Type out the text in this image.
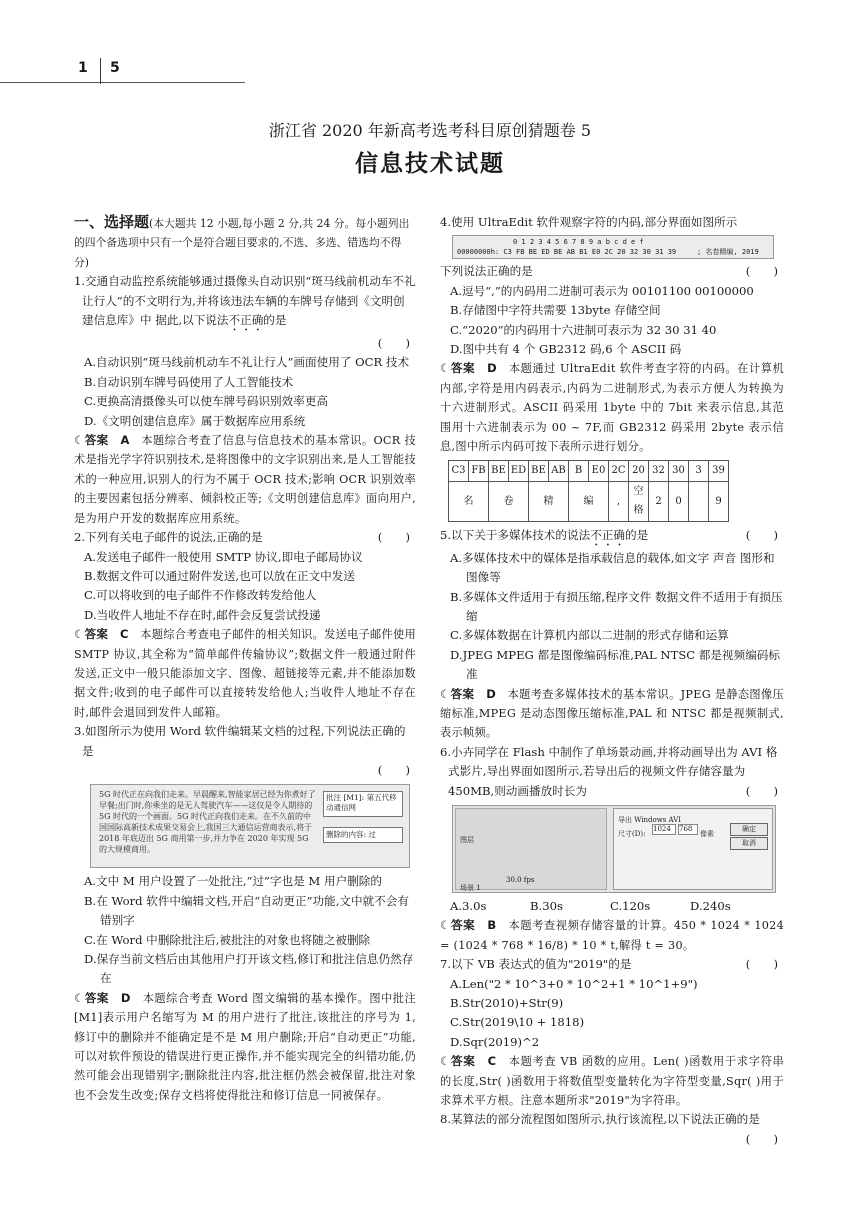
1 5
浙江省 2020 年新高考选考科目原创猜题卷 5
信息技术试题

一、选择题(本大题共 12 小题,每小题 2 分,共 24 分。每小题列出的四个备选项中只有一个是符合题目要求的,不选、多选、错选均不得分)

1.交通自动监控系统能够通过摄像头自动识别“斑马线前机动车不礼让行人”的不文明行为,并将该违法车辆的车牌号存储到《文明创建信息库》中 据此,以下说法不正确的是

(　　)

A.自动识别“斑马线前机动车不礼让行人”画面使用了 OCR 技术

B.自动识别车牌号码使用了人工智能技术

C.更换高清摄像头可以使车牌号码识别效率更高

D.《文明创建信息库》属于数据库应用系统

☾答案　A　 本题综合考查了信息与信息技术的基本常识。OCR 技术是指光学字符识别技术,是将图像中的文字识别出来,是人工智能技术的一种应用,识别人的行为不属于 OCR 技术;影响 OCR 识别效率的主要因素包括分辨率、倾斜校正等;《文明创建信息库》面向用户,是为用户开发的数据库应用系统。

2.下列有关电子邮件的说法,正确的是	(　　)

A.发送电子邮件一般使用 SMTP 协议,即电子邮局协议

B.数据文件可以通过附件发送,也可以放在正文中发送

C.可以将收到的电子邮件不作修改转发给他人

D.当收件人地址不存在时,邮件会反复尝试投递

☾答案　C　 本题综合考查电子邮件的相关知识。发送电子邮件使用 SMTP 协议,其全称为“简单邮件传输协议”;数据文件一般通过附件发送,正文中一般只能添加文字、图像、超链接等元素,并不能添加数据文件;收到的电子邮件可以直接转发给他人;当收件人地址不存在时,邮件会退回到发件人邮箱。

3.如图所示为使用 Word 软件编辑某文档的过程,下列说法正确的是

(　　)

5G 时代正在向我们走来。早晨醒来,智能家居已经为你煮好了早餐;出门时,你乘坐的是无人驾驶汽车——这仅是令人期待的 5G 时代的一个画面。5G 时代正向我们走来。在不久前的中国国际高新技术成果交易会上,我国三大通信运营商表示,将于 2018 年底迈出 5G 商用第一步,并力争在 2020 年实现 5G 的大规模商用。
批注 [M1]: 第五代移动通信网
删除的内容: 过

A.文中 M 用户设置了一处批注,“过”字也是 M 用户删除的

B.在 Word 软件中编辑文档,开启“自动更正”功能,文中就不会有错别字

C.在 Word 中删除批注后,被批注的对象也将随之被删除

D.保存当前文档后由其他用户打开该文档,修订和批注信息仍然存在

☾答案　D　 本题综合考查 Word 图文编辑的基本操作。图中批注[M1]表示用户名缩写为 M 的用户进行了批注,该批注的序号为 1,修订中的删除并不能确定是不是 M 用户删除;开启“自动更正”功能,可以对软件预设的错误进行更正操作,并不能实现完全的纠错功能,仍然可能会出现错别字;删除批注内容,批注框仍然会被保留,批注对象也不会发生改变;保存文档将使得批注和修订信息一同被保存。

4.使用 UltraEdit 软件观察字符的内码,部分界面如图所示

0 1 2 3 4 5 6 7 8 9 a b c d e f
00000000h: C3 FB BE ED BE AB B1 E0 2C 20 32 30 31 39	; 名卷精编, 2019

下列说法正确的是	(　　)

A.逗号“,”的内码用二进制可表示为 00101100 00100000

B.存储图中字符共需要 13byte 存储空间

C.“2020”的内码用十六进制可表示为 32 30 31 40

D.图中共有 4 个 GB2312 码,6 个 ASCII 码

☾答案　D　 本题通过 UltraEdit 软件考查字符的内码。在计算机内部,字符是用内码表示,内码为二进制形式,为表示方便人为转换为十六进制形式。ASCII 码采用 1byte 中的 7bit 来表示信息,其范围用十六进制表示为 00 ~ 7F,而 GB2312 码采用 2byte 表示信息,图中所示内码可按下表所示进行划分。

C3	FB	BE	ED	BE	AB	B	E0	2C	20	32	30	3	39
名		卷		精		编		,	空格	2	0		9

5.以下关于多媒体技术的说法不正确的是	(　　)

A.多媒体技术中的媒体是指承载信息的载体,如文字 声音 图形和图像等

B.多媒体文件适用于有损压缩,程序文件 数据文件不适用于有损压缩

C.多媒体数据在计算机内部以二进制的形式存储和运算

D.JPEG MPEG 都是图像编码标准,PAL NTSC 都是视频编码标准

☾答案　D　 本题考查多媒体技术的基本常识。JPEG 是静态图像压缩标准,MPEG 是动态图像压缩标准,PAL 和 NTSC 都是视频制式,表示帧频。

6.小卉同学在 Flash 中制作了单场景动画,并将动画导出为 AVI 格式影片,导出界面如图所示,若导出后的视频文件存储容量为 450MB,则动画播放时长为	(　　)

图层
30.0 fps
场景 1
导出 Windows AVI
尺寸(D):
1024	768
像素
确定
取消

A.3.0s	B.30s	C.120s	D.240s

☾答案　B　 本题考查视频存储容量的计算。450 * 1024 * 1024 = (1024 * 768 * 16/8) * 10 * t,解得 t = 30。

7.以下 VB 表达式的值为"2019"的是	(　　)

A.Len("2 * 10^3+0 * 10^2+1 * 10^1+9")

B.Str(2010)+Str(9)

C.Str(2019\10 + 1818)

D.Sqr(2019)^2

☾答案　C　 本题考查 VB 函数的应用。Len( )函数用于求字符串的长度,Str( )函数用于将数值型变量转化为字符型变量,Sqr( )用于求算术平方根。注意本题所求"2019"为字符串。

8.某算法的部分流程图如图所示,执行该流程,以下说法正确的是

(　　)
